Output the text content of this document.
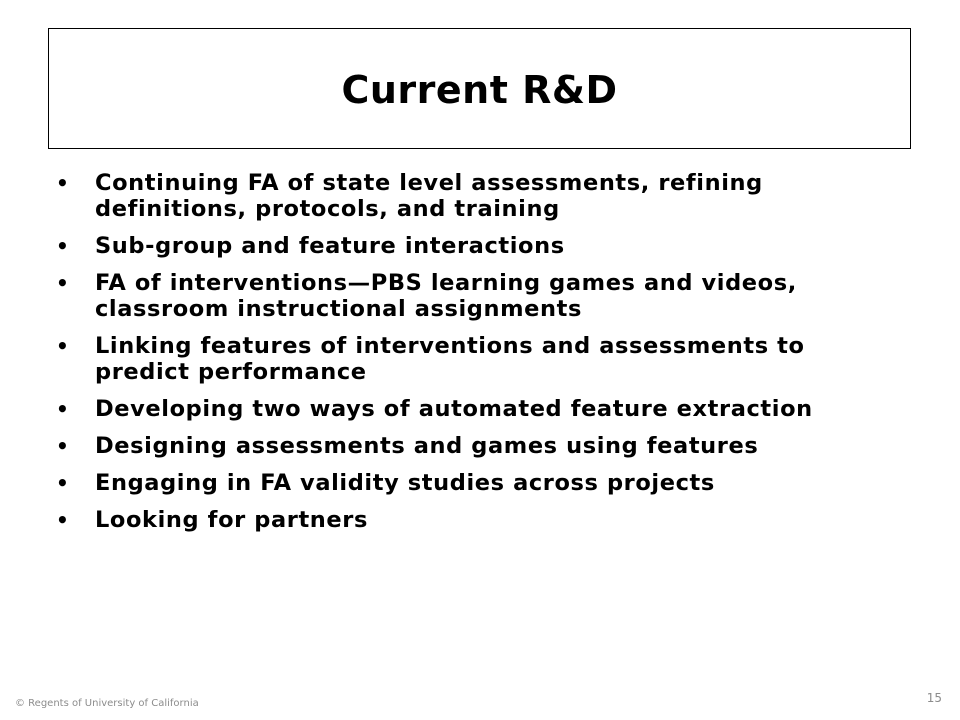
Current R&D
• Continuing FA of state level assessments, refining definitions, protocols, and training
• Sub-group and feature interactions
• FA of interventions—PBS learning games and videos, classroom instructional assignments
• Linking features of interventions and assessments to predict performance
• Developing two ways of automated feature extraction
• Designing assessments and games using features
• Engaging in FA validity studies across projects
• Looking for partners
© Regents of University of California	15
